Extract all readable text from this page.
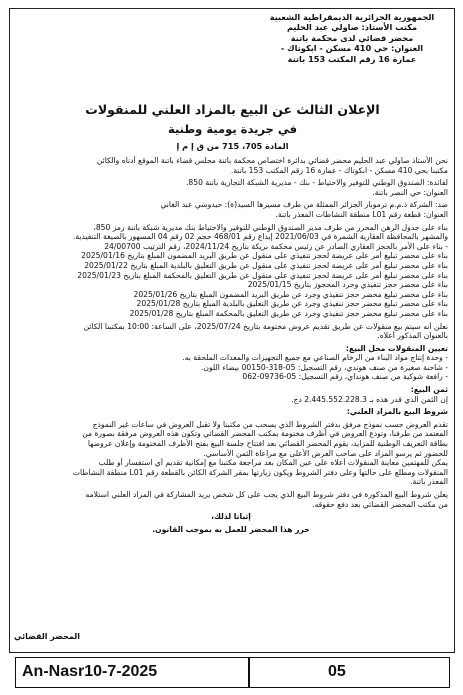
الجمهورية الجزائرية الديمقراطية الشعبية
مكتب الأستاذ: صاولي عبد الحليم
محضر قضائي لدى محكمة باتنة
العنوان: حي 410 مسكن - ابكوتاك -
عمارة 16 رقم المكتب 153 باتنة
الإعلان الثالث عن البيع بالمزاد العلني للمنقولات
في جريدة يومية وطنية
المادة 705، 715 من ق إ م إ
نحن الأستاذ صاولي عبد الحليم محضر قضائي بدائرة اختصاص محكمة باتنة مجلس قضاء باتنة الموقع أدناه والكائن
مكتبنا بحي 410 مسكن - ابكوتاك - عمارة 16 رقم المكتب 153 باتنة.
لفائدة: الصندوق الوطني للتوفير والاحتياط - بنك - مديرية الشبكة التجارية باتنة 850.
العنوان: حي النصر باتنة.
ضد: الشركة ذ.م.م ترموبار الجزائر الممثلة من طرف مسيرها السيد(ة): حيدوسي عبد الغاني
العنوان: قطعة رقم L01 منطقة النشاطات المعذر باتنة.
بناء على جدول الرهن المحرر من طرف مدير الصندوق الوطني للتوفير والاحتياط بنك مديرية شبكة باتنة رمز 850،
والمشهر بالمحافظة العقارية الشمرة في 2021/06/03 إيداع رقم 468/01 حجم 02 رقم 04 المسهور بالصيغة التنفيذية.
- بناء على الأمر بالحجز العقاري الصادر عن رئيس محكمة بريكة بتاريخ 2024/11/24، رقم الترتيب 24/00700
بناء على محضر تبليغ أمر على عريضة لحجز تنفيذي على منقول عن طريق البريد المضمون المبلغ بتاريخ 2025/01/16
بناء على محضر تبليغ أمر على عريضة لحجز تنفيذي على منقول عن طريق التعليق بالبلدية المبلغ بتاريخ 2025/01/22
بناء على محضر تبليغ أمر على عريضة لحجز تنفيذي على منقول عن طريق التعليق بالمحكمة المبلغ بتاريخ 2025/01/23
بناء على محضر حجز تنفيذي وجرد المحجوز بتاريخ 2025/01/15
بناء على محضر تبليغ محضر حجز تنفيذي وجرد عن طريق البريد المضمون المبلغ بتاريخ 2025/01/26
بناء على محضر تبليغ محضر حجز تنفيذي وجرد عن طريق التعليق بالبلدية المبلغ بتاريخ 2025/01/28
بناء على محضر تبليغ محضر حجز تنفيذي وجرد عن طريق التعليق بالمحكمة المبلغ بتاريخ 2025/01/28
نعلن أنه سيتم بيع منقولات عن طريق تقديم عروض مختومة بتاريخ 2025/07/24، على الساعة: 10:00 بمكتبنا الكائن
بالعنوان المذكور أعلاه.
تعيين المنقولات محل البيع:
- وحدة إنتاج مواد البناء من الرخام الصناعي مع جميع التجهيزات والمعدات الملحقة به.
- شاحنة صغيرة من صنف هوندي، رقم التسجيل: 05-318-00150 بيضاء اللون.
- رافعة شوكية من صنف هونداي، رقم التسجيل: 05-09736-062
ثمن البيع:
إن الثمن الذي قدر هذه بـ 2.445.552.228.3 دج.
شروط البيع بالمزاد العلني:
تقدم العروض حسب نموذج مرفق بدفتر الشروط الذي يسحب من مكتبنا ولا تقبل العروض في ساعات غير النموذج
المعتمد من طرفنا، وتودع العروض في أظرف مختومة بمكتب المحضر القضائي وتكون هذه العروض مرفقة بصورة من
بطاقة التعريف الوطنية للمزايد، يقوم المحضر القضائي بعد افتتاح جلسة البيع بفتح الأظرف المختومة وإعلان عروضها
للحضور ثم يرسو المزاد على صاحب العرض الأعلى مع مراعاة الثمن الأساسي.
يمكن للمهتمين معاينة المنقولات أعلاه على عين المكان بعد مراجعة مكتبنا مع إمكانية تقديم أي استفسار أو طلب
المنقولات ومطلع على حالتها وعلى دفتر الشروط ويكون زيارتها بمقر الشركة الكائن بالقطعة رقم L01 منطقة النشاطات
المعذر باتنة.
يعلن شروط البيع المذكورة في دفتر شروط البيع الذي يجب على كل شخص يريد المشاركة في المزاد العلني استلامه
من مكتب المحضر القضائي بعد دفع حقوقه.
إثباتا لذلك،
حرر هذا المحضر للعمل به بموجب القانون.
المحضر القضائي
An-Nasr10-7-2025	05
